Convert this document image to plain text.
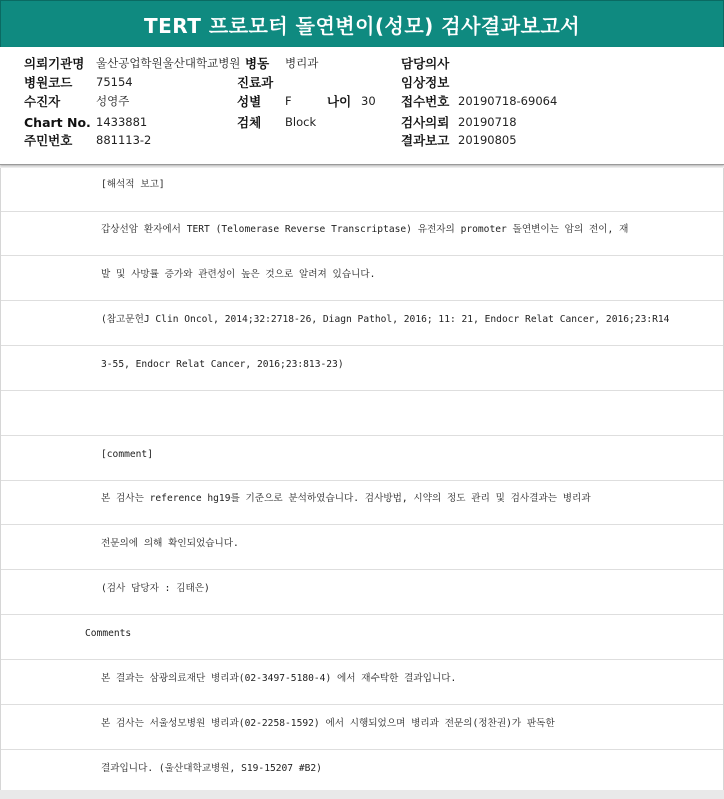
TERT 프로모터 돌연변이(성모) 검사결과보고서
의뢰기관명 울산공업학원울산대학교병원 병동 병리과	담당의사
병원코드 75154	진료과	임상정보
수진자	성영주	성별 F	나이 30 접수번호 20190718-69064
Chart No. 1433881	검체 Block	검사의뢰 20190718
주민번호 881113-2	결과보고 20190805
[해석적 보고]
갑상선암 환자에서 TERT (Telomerase Reverse Transcriptase) 유전자의 promoter 돌연변이는 암의 전이, 재
발 및 사망률 증가와 관련성이 높은 것으로 알려져 있습니다.
(참고문헌J Clin Oncol, 2014;32:2718-26, Diagn Pathol, 2016; 11: 21, Endocr Relat Cancer, 2016;23:R14
3-55, Endocr Relat Cancer, 2016;23:813-23)
[comment]
본 검사는 reference hg19를 기준으로 분석하였습니다. 검사방법, 시약의 정도 관리 및 검사결과는 병리과
전문의에 의해 확인되었습니다.
(검사 담당자 : 김태은)
Comments
본 결과는 삼광의료재단 병리과(02-3497-5180-4) 에서 재수탁한 결과입니다.
본 검사는 서울성모병원 병리과(02-2258-1592) 에서 시행되었으며 병리과 전문의(정찬권)가 판독한
결과입니다. (울산대학교병원, S19-15207 #B2)
